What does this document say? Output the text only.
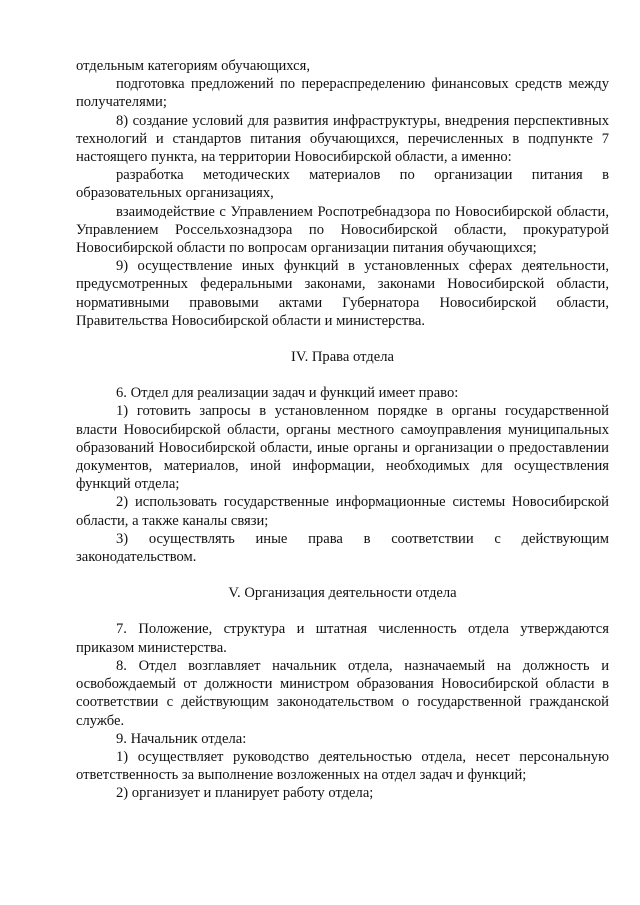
отдельным категориям обучающихся,

подготовка предложений по перераспределению финансовых средств между получателями;

8) создание условий для развития инфраструктуры, внедрения перспективных технологий и стандартов питания обучающихся, перечисленных в подпункте 7 настоящего пункта, на территории Новосибирской области, а именно:

разработка методических материалов по организации питания в образовательных организациях,

взаимодействие с Управлением Роспотребнадзора по Новосибирской области, Управлением Россельхознадзора по Новосибирской области, прокуратурой Новосибирской области по вопросам организации питания обучающихся;

9) осуществление иных функций в установленных сферах деятельности, предусмотренных федеральными законами, законами Новосибирской области, нормативными правовыми актами Губернатора Новосибирской области, Правительства Новосибирской области и министерства.

IV. Права отдела

6. Отдел для реализации задач и функций имеет право:

1) готовить запросы в установленном порядке в органы государственной власти Новосибирской области, органы местного самоуправления муниципальных образований Новосибирской области, иные органы и организации о предоставлении документов, материалов, иной информации, необходимых для осуществления функций отдела;

2) использовать государственные информационные системы Новосибирской области, а также каналы связи;

3) осуществлять иные права в соответствии с действующим законодательством.

V. Организация деятельности отдела

7. Положение, структура и штатная численность отдела утверждаются приказом министерства.

8. Отдел возглавляет начальник отдела, назначаемый на должность и освобождаемый от должности министром образования Новосибирской области в соответствии с действующим законодательством о государственной гражданской службе.

9. Начальник отдела:

1) осуществляет руководство деятельностью отдела, несет персональную ответственность за выполнение возложенных на отдел задач и функций;

2) организует и планирует работу отдела;
